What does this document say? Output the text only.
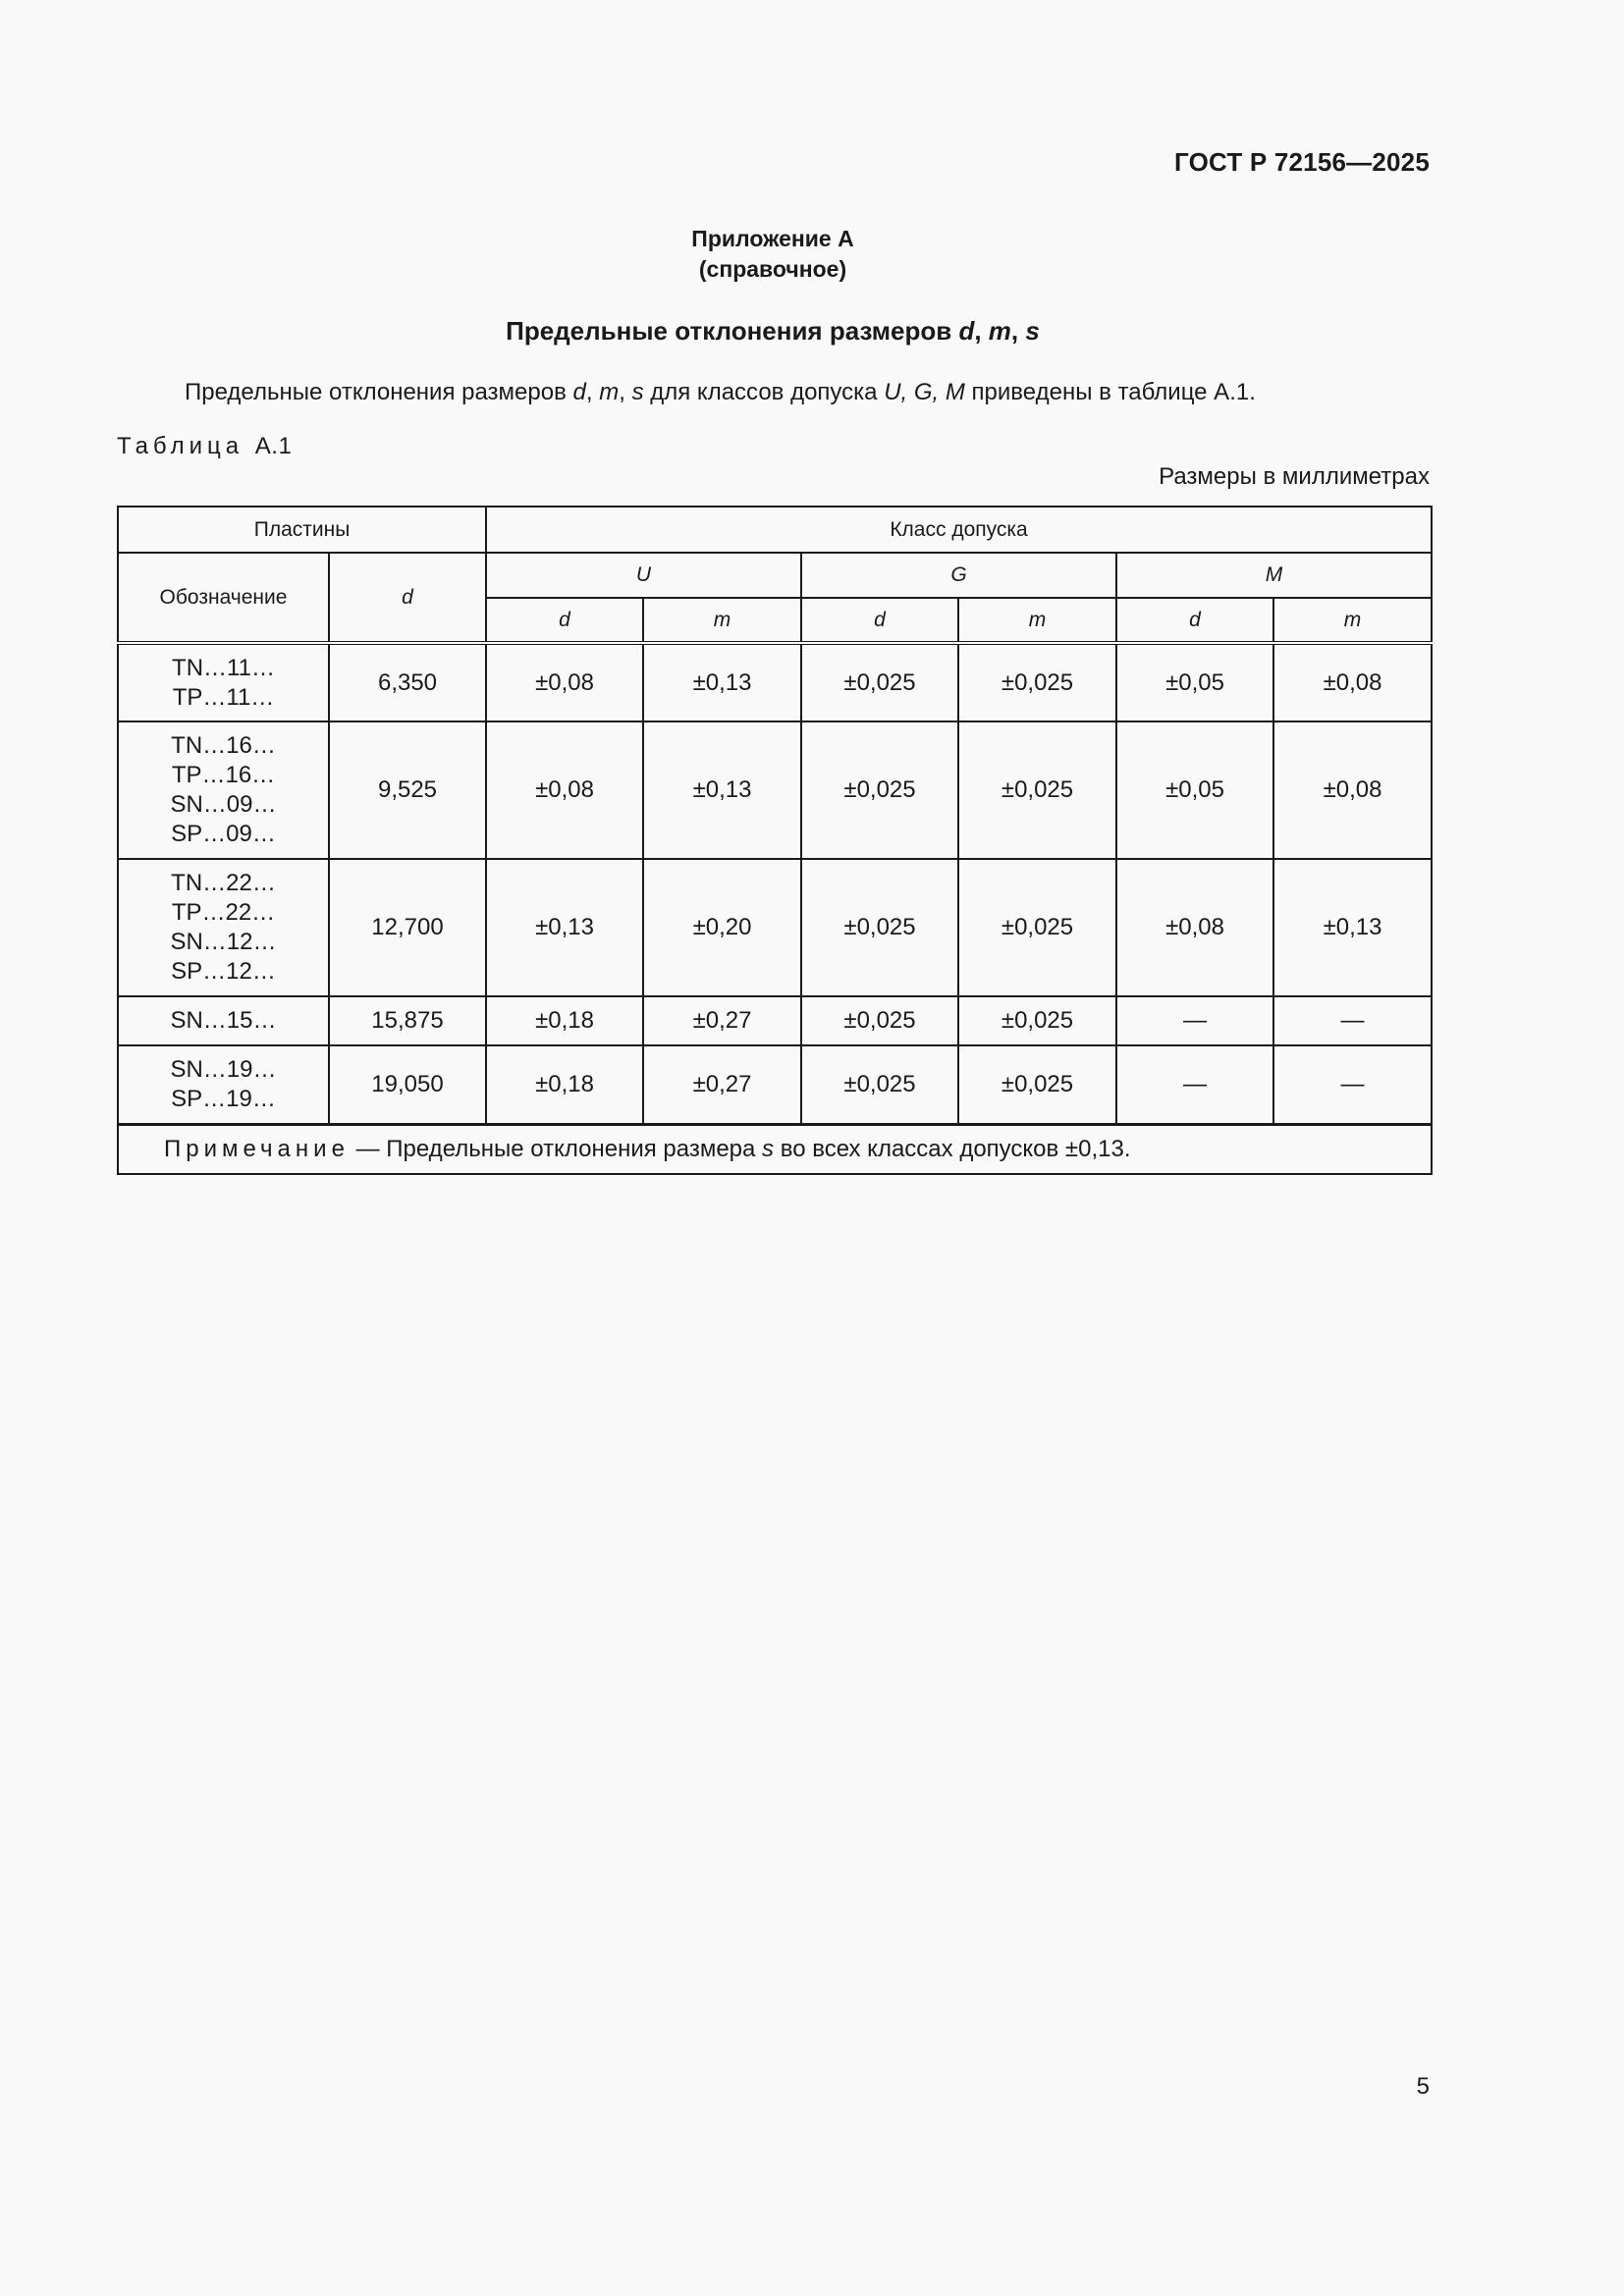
ГОСТ Р 72156—2025
Приложение А
(справочное)
Предельные отклонения размеров d, m, s
Предельные отклонения размеров d, m, s для классов допуска U, G, M приведены в таблице А.1.
Таблица А.1
Размеры в миллиметрах
Пластины		Класс допуска					
Обозначение	d	U		G		M	
		d	m	d	m	d	m

TN…11…
TP…11…	6,350	±0,08	±0,13	±0,025	±0,025	±0,05	±0,08

TN…16…
TP…16…
SN…09…
SP…09…	9,525	±0,08	±0,13	±0,025	±0,025	±0,05	±0,08

TN…22…
TP…22…
SN…12…
SP…12…	12,700	±0,13	±0,20	±0,025	±0,025	±0,08	±0,13

SN…15…	15,875	±0,18	±0,27	±0,025	±0,025	—	—

SN…19…
SP…19…	19,050	±0,18	±0,27	±0,025	±0,025	—	—
Примечание — Предельные отклонения размера s во всех классах допусков ±0,13.							
5
